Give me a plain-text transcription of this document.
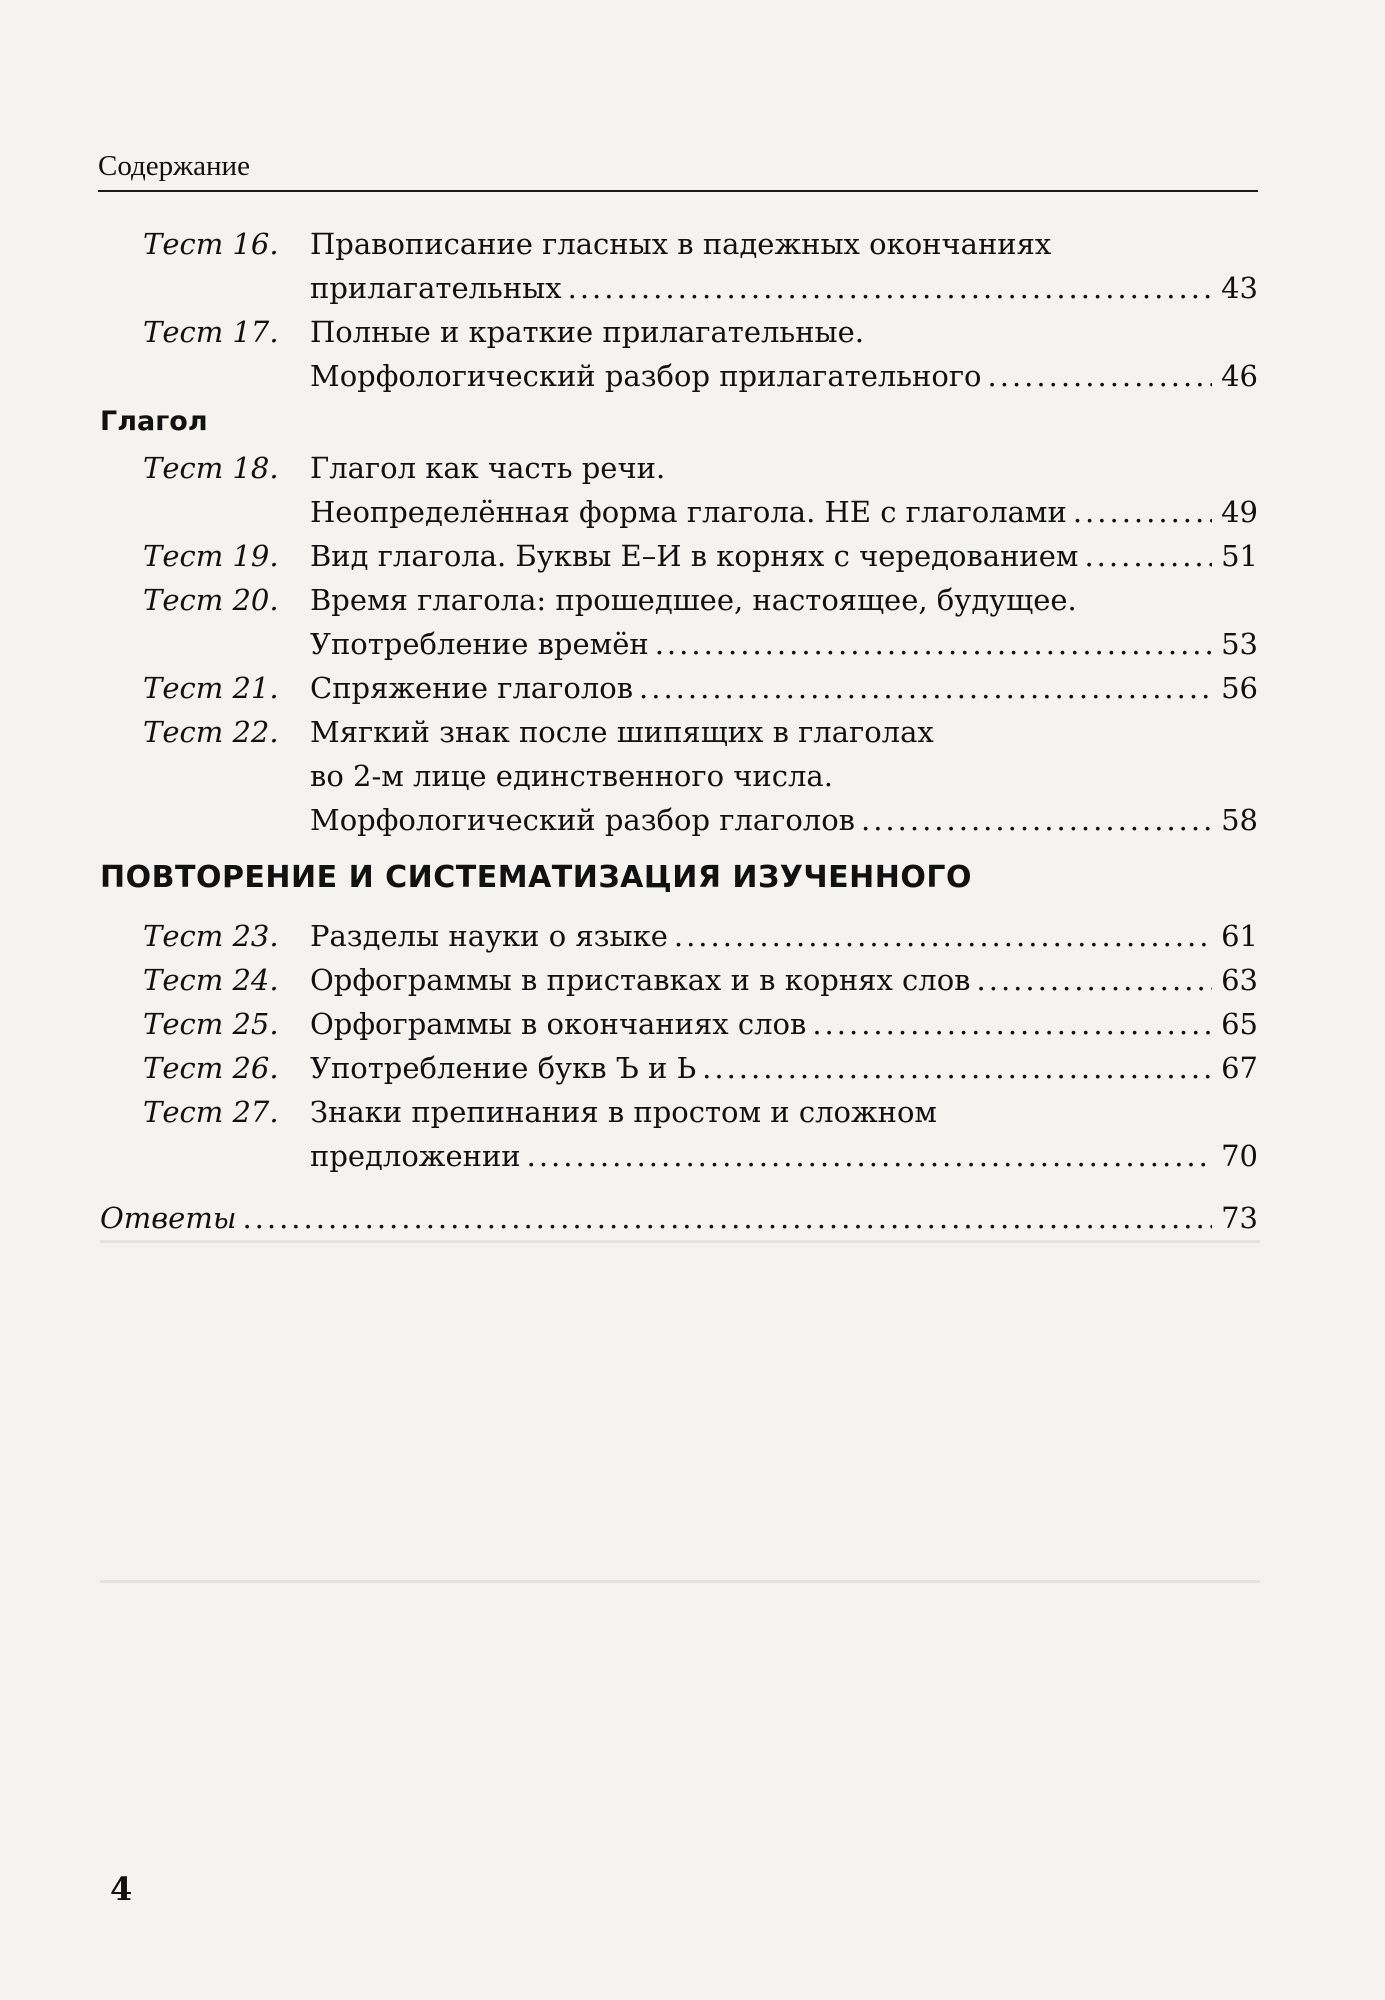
Содержание
Тест 16.	Правописание гласных в падежных окончаниях
прилагательных .....	43
Тест 17.	Полные и краткие прилагательные.
Морфологический разбор прилагательного .....	46
Глагол
Тест 18.	Глагол как часть речи.
Неопределённая форма глагола. НЕ с глаголами .....	49
Тест 19.	Вид глагола. Буквы Е–И в корнях с чередованием .....	51
Тест 20.	Время глагола: прошедшее, настоящее, будущее.
Употребление времён .....	53
Тест 21.	Спряжение глаголов .....	56
Тест 22.	Мягкий знак после шипящих в глаголах
во 2-м лице единственного числа.
Морфологический разбор глаголов .....	58
ПОВТОРЕНИЕ И СИСТЕМАТИЗАЦИЯ ИЗУЧЕННОГО
Тест 23.	Разделы науки о языке .....	61
Тест 24.	Орфограммы в приставках и в корнях слов .....	63
Тест 25.	Орфограммы в окончаниях слов .....	65
Тест 26.	Употребление букв Ъ и Ь .....	67
Тест 27.	Знаки препинания в простом и сложном
предложении .....	70
Ответы .....	73
4
